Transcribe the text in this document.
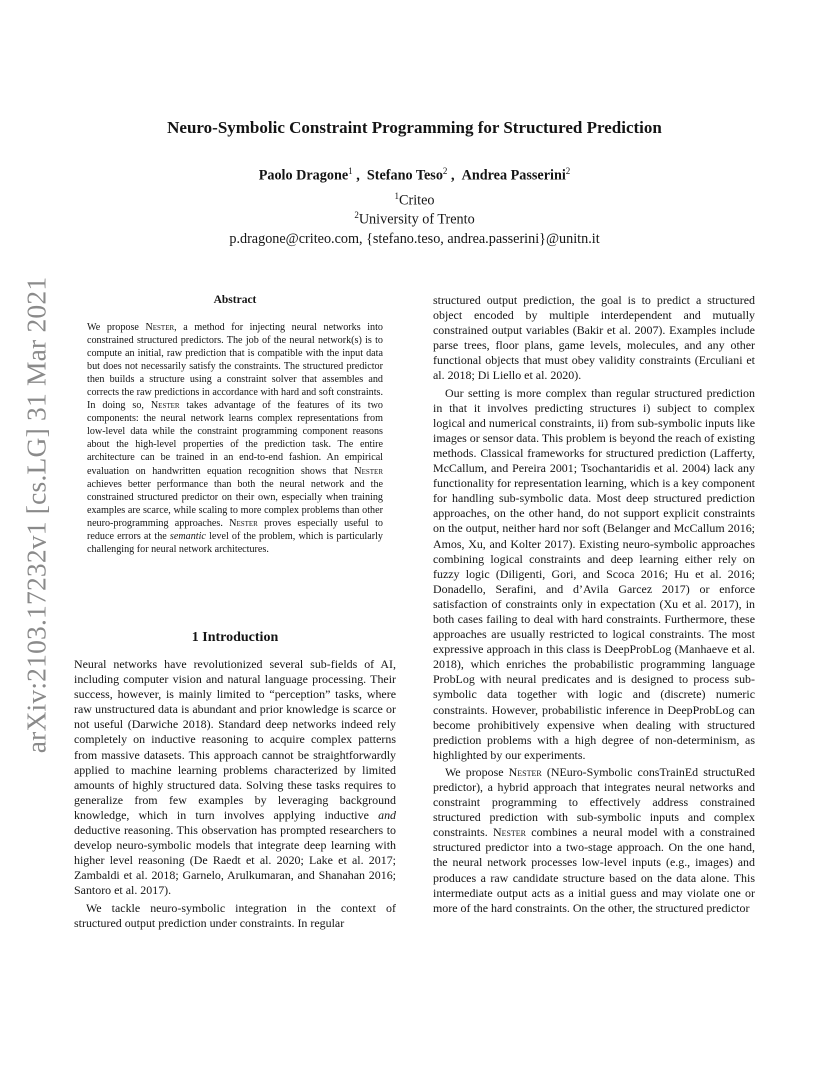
arXiv:2103.17232v1 [cs.LG] 31 Mar 2021
Neuro-Symbolic Constraint Programming for Structured Prediction
Paolo Dragone$^1$ ,  Stefano Teso$^2$ ,  Andrea Passerini$^2$
$^1$Criteo
$^2$University of Trento
p.dragone@criteo.com, {stefano.teso, andrea.passerini}@unitn.it
Abstract

We propose Nester, a method for injecting neural networks into constrained structured predictors. The job of the neural network(s) is to compute an initial, raw prediction that is compatible with the input data but does not necessarily satisfy the constraints. The structured predictor then builds a structure using a constraint solver that assembles and corrects the raw predictions in accordance with hard and soft constraints. In doing so, Nester takes advantage of the features of its two components: the neural network learns complex representations from low-level data while the constraint programming component reasons about the high-level properties of the prediction task. The entire architecture can be trained in an end-to-end fashion. An empirical evaluation on handwritten equation recognition shows that Nester achieves better performance than both the neural network and the constrained structured predictor on their own, especially when training examples are scarce, while scaling to more complex problems than other neuro-programming approaches. Nester proves especially useful to reduce errors at the semantic level of the problem, which is particularly challenging for neural network architectures.

1 Introduction

Neural networks have revolutionized several sub-fields of AI, including computer vision and natural language processing. Their success, however, is mainly limited to “perception” tasks, where raw unstructured data is abundant and prior knowledge is scarce or not useful (Darwiche 2018). Standard deep networks indeed rely completely on inductive reasoning to acquire complex patterns from massive datasets. This approach cannot be straightforwardly applied to machine learning problems characterized by limited amounts of highly structured data. Solving these tasks requires to generalize from few examples by leveraging background knowledge, which in turn involves applying inductive and deductive reasoning. This observation has prompted researchers to develop neuro-symbolic models that integrate deep learning with higher level reasoning (De Raedt et al. 2020; Lake et al. 2017; Zambaldi et al. 2018; Garnelo, Arulkumaran, and Shanahan 2016; Santoro et al. 2017).

We tackle neuro-symbolic integration in the context of structured output prediction under constraints. In regular

structured output prediction, the goal is to predict a structured object encoded by multiple interdependent and mutually constrained output variables (Bakir et al. 2007). Examples include parse trees, floor plans, game levels, molecules, and any other functional objects that must obey validity constraints (Erculiani et al. 2018; Di Liello et al. 2020).

Our setting is more complex than regular structured prediction in that it involves predicting structures i) subject to complex logical and numerical constraints, ii) from sub-symbolic inputs like images or sensor data. This problem is beyond the reach of existing methods. Classical frameworks for structured prediction (Lafferty, McCallum, and Pereira 2001; Tsochantaridis et al. 2004) lack any functionality for representation learning, which is a key component for handling sub-symbolic data. Most deep structured prediction approaches, on the other hand, do not support explicit constraints on the output, neither hard nor soft (Belanger and McCallum 2016; Amos, Xu, and Kolter 2017). Existing neuro-symbolic approaches combining logical constraints and deep learning either rely on fuzzy logic (Diligenti, Gori, and Scoca 2016; Hu et al. 2016; Donadello, Serafini, and d’Avila Garcez 2017) or enforce satisfaction of constraints only in expectation (Xu et al. 2017), in both cases failing to deal with hard constraints. Furthermore, these approaches are usually restricted to logical constraints. The most expressive approach in this class is DeepProbLog (Manhaeve et al. 2018), which enriches the probabilistic programming language ProbLog with neural predicates and is designed to process sub-symbolic data together with logic and (discrete) numeric constraints. However, probabilistic inference in DeepProbLog can become prohibitively expensive when dealing with structured prediction problems with a high degree of non-determinism, as highlighted by our experiments.

We propose Nester (NEuro-Symbolic consTrainEd structuRed predictor), a hybrid approach that integrates neural networks and constraint programming to effectively address constrained structured prediction with sub-symbolic inputs and complex constraints. Nester combines a neural model with a constrained structured predictor into a two-stage approach. On the one hand, the neural network processes low-level inputs (e.g., images) and produces a raw candidate structure based on the data alone. This intermediate output acts as a initial guess and may violate one or more of the hard constraints. On the other, the structured predictor
